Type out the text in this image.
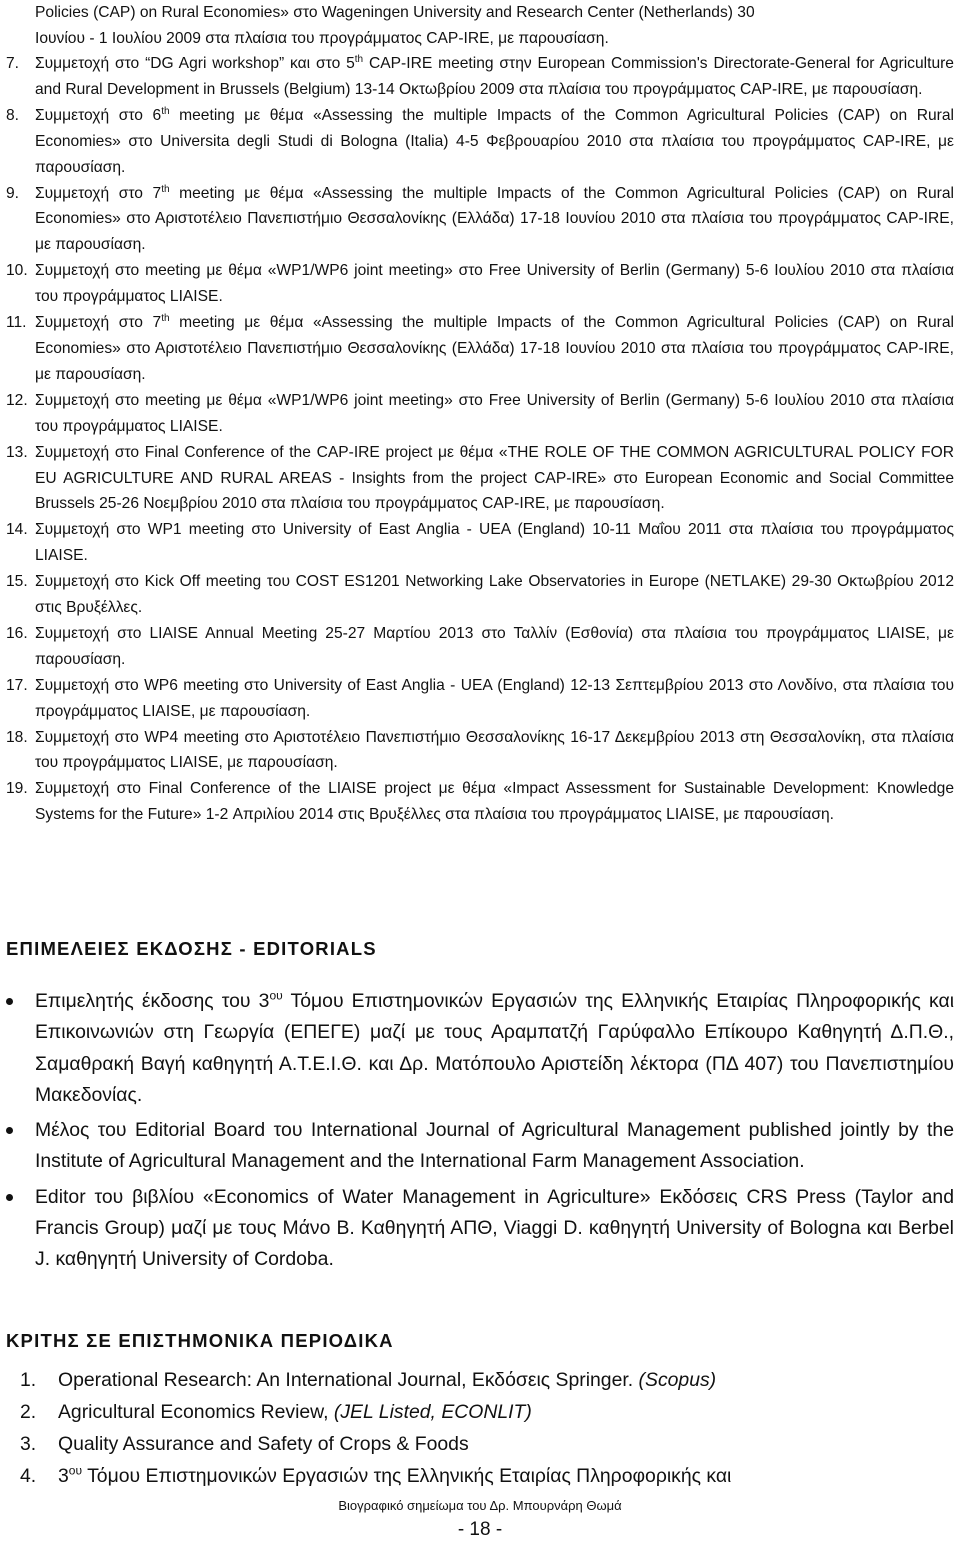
Policies (CAP) on Rural Economies» στο Wageningen University and Research Center (Netherlands) 30
Ιουνίου - 1 Ιουλίου 2009 στα πλαίσια του προγράμματος CAP-IRE, με παρουσίαση.
7. Συμμετοχή στο “DG Agri workshop” και στο 5th CAP-IRE meeting στην European Commission's Directorate-General for Agriculture and Rural Development in Brussels (Belgium) 13-14 Οκτωβρίου 2009 στα πλαίσια του προγράμματος CAP-IRE, με παρουσίαση.
8. Συμμετοχή στο 6th meeting με θέμα «Assessing the multiple Impacts of the Common Agricultural Policies (CAP) on Rural Economies» στο Universita degli Studi di Bologna (Italia) 4-5 Φεβρουαρίου 2010 στα πλαίσια του προγράμματος CAP-IRE, με παρουσίαση.
9. Συμμετοχή στο 7th meeting με θέμα «Assessing the multiple Impacts of the Common Agricultural Policies (CAP) on Rural Economies» στο Αριστοτέλειο Πανεπιστήμιο Θεσσαλονίκης (Ελλάδα) 17-18 Ιουνίου 2010 στα πλαίσια του προγράμματος CAP-IRE, με παρουσίαση.
10. Συμμετοχή στο meeting με θέμα «WP1/WP6 joint meeting» στο Free University of Berlin (Germany) 5-6 Ιουλίου 2010 στα πλαίσια του προγράμματος LIAISE.
11. Συμμετοχή στο 7th meeting με θέμα «Assessing the multiple Impacts of the Common Agricultural Policies (CAP) on Rural Economies» στο Αριστοτέλειο Πανεπιστήμιο Θεσσαλονίκης (Ελλάδα) 17-18 Ιουνίου 2010 στα πλαίσια του προγράμματος CAP-IRE, με παρουσίαση.
12. Συμμετοχή στο meeting με θέμα «WP1/WP6 joint meeting» στο Free University of Berlin (Germany) 5-6 Ιουλίου 2010 στα πλαίσια του προγράμματος LIAISE.
13. Συμμετοχή στο Final Conference of the CAP-IRE project με θέμα «THE ROLE OF THE COMMON AGRICULTURAL POLICY FOR EU AGRICULTURE AND RURAL AREAS - Insights from the project CAP-IRE» στο European Economic and Social Committee Brussels 25-26 Νοεμβρίου 2010 στα πλαίσια του προγράμματος CAP-IRE, με παρουσίαση.
14. Συμμετοχή στο WP1 meeting στο University of East Anglia - UEA (England) 10-11 Μαΐου 2011 στα πλαίσια του προγράμματος LIAISE.
15. Συμμετοχή στο Kick Off meeting του COST ES1201 Networking Lake Observatories in Europe (NETLAKE) 29-30 Οκτωβρίου 2012 στις Βρυξέλλες.
16. Συμμετοχή στο LIAISE Annual Meeting 25-27 Μαρτίου 2013 στο Ταλλίν (Εσθονία) στα πλαίσια του προγράμματος LIAISE, με παρουσίαση.
17. Συμμετοχή στο WP6 meeting στο University of East Anglia - UEA (England) 12-13 Σεπτεμβρίου 2013 στο Λονδίνο, στα πλαίσια του προγράμματος LIAISE, με παρουσίαση.
18. Συμμετοχή στο WP4 meeting στο Αριστοτέλειο Πανεπιστήμιο Θεσσαλονίκης 16-17 Δεκεμβρίου 2013 στη Θεσσαλονίκη, στα πλαίσια του προγράμματος LIAISE, με παρουσίαση.
19. Συμμετοχή στο Final Conference of the LIAISE project με θέμα «Impact Assessment for Sustainable Development: Knowledge Systems for the Future» 1-2 Απριλίου 2014 στις Βρυξέλλες στα πλαίσια του προγράμματος LIAISE, με παρουσίαση.
ΕΠΙΜΕΛΕΙΕΣ ΕΚΔΟΣΗΣ - EDITORIALS
Επιμελητής έκδοσης του $3^{o\upsilon}$ Τόμου Επιστημονικών Εργασιών της Ελληνικής Εταιρίας Πληροφορικής και Επικοινωνιών στη Γεωργία (ΕΠΕΓΕ) μαζί με τους Αραμπατζή Γαρύφαλλο Επίκουρο Καθηγητή Δ.Π.Θ., Σαμαθρακή Βαγή καθηγητή Α.Τ.Ε.Ι.Θ. και Δρ. Ματόπουλο Αριστείδη λέκτορα (ΠΔ 407) του Πανεπιστημίου Μακεδονίας.
Μέλος του Editorial Board του International Journal of Agricultural Management published jointly by the Institute of Agricultural Management and the International Farm Management Association.
Editor του βιβλίου «Economics of Water Management in Agriculture» Εκδόσεις CRS Press (Taylor and Francis Group) μαζί με τους Μάνο Β. Καθηγητή ΑΠΘ, Viaggi D. καθηγητή University of Bologna και Berbel J. καθηγητή University of Cordoba.
ΚΡΙΤΗΣ ΣΕ ΕΠΙΣΤΗΜΟΝΙΚΑ ΠΕΡΙΟΔΙΚΑ
1. Operational Research: An International Journal, Εκδόσεις Springer. (Scopus)
2. Agricultural Economics Review, (JEL Listed, ECONLIT)
3. Quality Assurance and Safety of Crops & Foods
4. $3^{o\upsilon}$ Τόμου Επιστημονικών Εργασιών της Ελληνικής Εταιρίας Πληροφορικής και
Βιογραφικό σημείωμα του Δρ. Μπουρνάρη Θωμά
- 18 -
